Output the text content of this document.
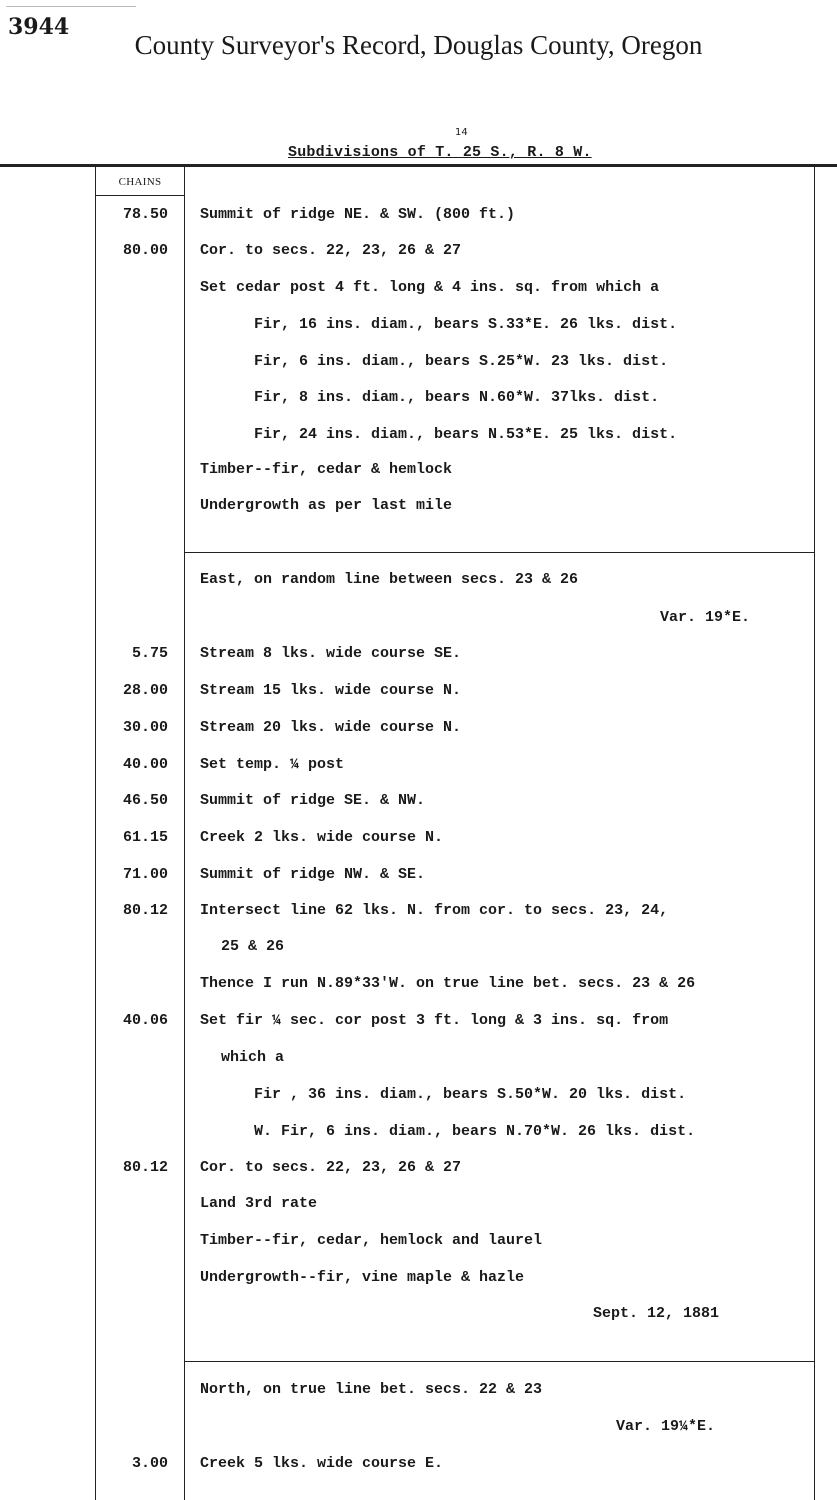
3944
County Surveyor's Record, Douglas County, Oregon
14
Subdivisions of T. 25 S., R. 8 W.
CHAINS
78.50 Summit of ridge NE. & SW. (800 ft.)
80.00 Cor. to secs. 22, 23, 26 & 27
Set cedar post 4 ft. long & 4 ins. sq. from which a
Fir, 16 ins. diam., bears S.33*E. 26 lks. dist.
Fir, 6 ins. diam., bears S.25*W. 23 lks. dist.
Fir, 8 ins. diam., bears N.60*W. 37lks. dist.
Fir, 24 ins. diam., bears N.53*E. 25 lks. dist.
Timber--fir, cedar & hemlock
Undergrowth as per last mile
East, on random line between secs. 23 & 26
Var. 19*E.
5.75 Stream 8 lks. wide course SE.
28.00 Stream 15 lks. wide course N.
30.00 Stream 20 lks. wide course N.
40.00 Set temp. ¼ post
46.50 Summit of ridge SE. & NW.
61.15 Creek 2 lks. wide course N.
71.00 Summit of ridge NW. & SE.
80.12 Intersect line 62 lks. N. from cor. to secs. 23, 24,
25 & 26
Thence I run N.89*33'W. on true line bet. secs. 23 & 26
40.06 Set fir ¼ sec. cor post 3 ft. long & 3 ins. sq. from
which a
Fir , 36 ins. diam., bears S.50*W. 20 lks. dist.
W. Fir, 6 ins. diam., bears N.70*W. 26 lks. dist.
80.12 Cor. to secs. 22, 23, 26 & 27
Land 3rd rate
Timber--fir, cedar, hemlock and laurel
Undergrowth--fir, vine maple & hazle
Sept. 12, 1881
North, on true line bet. secs. 22 & 23
Var. 19¼*E.
3.00 Creek 5 lks. wide course E.
